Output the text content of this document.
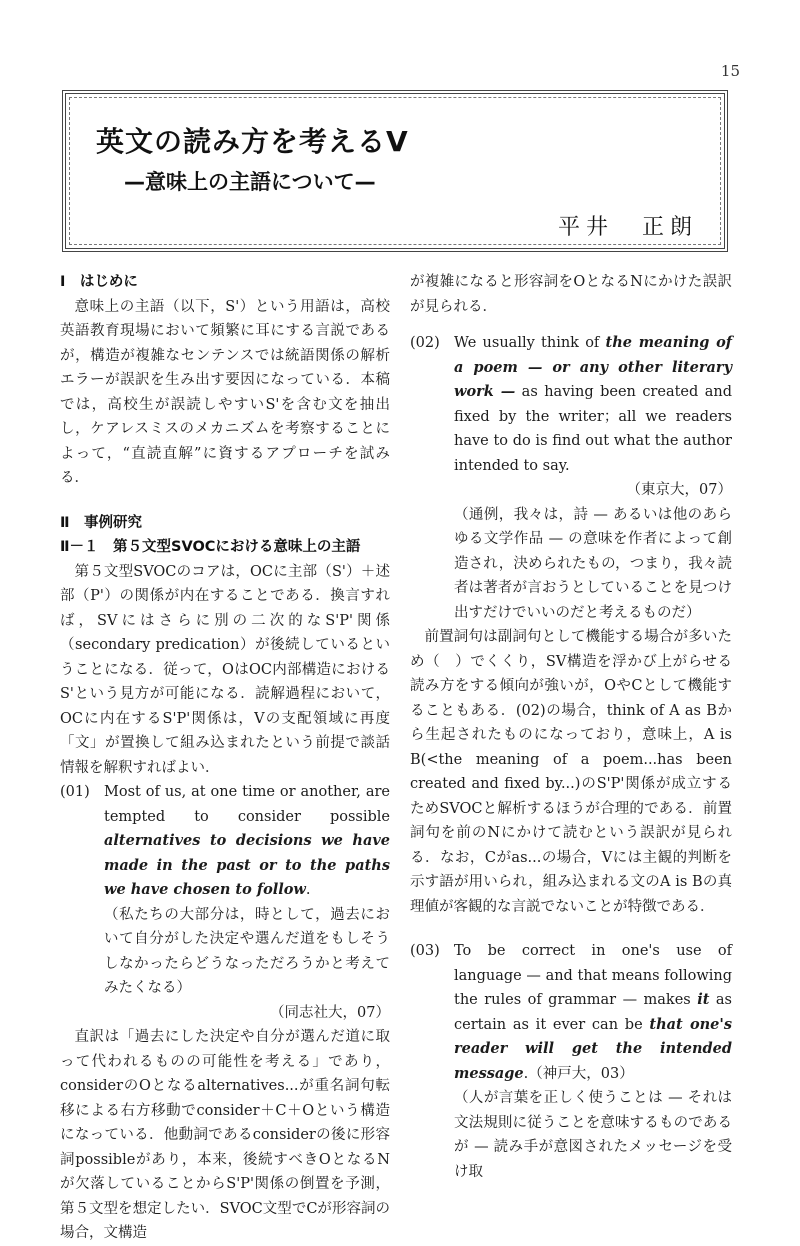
15
英文の読み方を考えるV
—意味上の主語について—
平井　正朗
Ⅰ　はじめに

意味上の主語（以下，S'）という用語は，高校英語教育現場において頻繁に耳にする言説であるが，構造が複雑なセンテンスでは統語関係の解析エラーが誤訳を生み出す要因になっている．本稿では，高校生が誤読しやすいS'を含む文を抽出し，ケアレスミスのメカニズムを考察することによって，“直読直解”に資するアプローチを試みる．

Ⅱ　事例研究
Ⅱ－１　第５文型SVOCにおける意味上の主語

第５文型SVOCのコアは，OCに主部（S'）＋述部（P'）の関係が内在することである．換言すれば，SVにはさらに別の二次的なS'P'関係（secondary predication）が後続しているということになる．従って，OはOC内部構造におけるS'という見方が可能になる．読解過程において，OCに内在するS'P'関係は，Vの支配領域に再度「文」が置換して組み込まれたという前提で談話情報を解釈すればよい．

(01) Most of us, at one time or another, are tempted to consider possible alternatives to decisions we have made in the past or to the paths we have chosen to follow.

（私たちの大部分は，時として，過去において自分がした決定や選んだ道をもしそうしなかったらどうなっただろうかと考えてみたくなる）

（同志社大，07）

直訳は「過去にした決定や自分が選んだ道に取って代われるものの可能性を考える」であり，considerのOとなるalternatives...が重名詞句転移による右方移動でconsider＋C＋Oという構造になっている．他動詞であるconsiderの後に形容詞possibleがあり，本来，後続すべきOとなるNが欠落していることからS'P'関係の倒置を予測，第５文型を想定したい．SVOC文型でCが形容詞の場合，文構造

が複雑になると形容詞をOとなるNにかけた誤訳が見られる．

(02) We usually think of the meaning of a poem — or any other literary work — as having been created and fixed by the writer；all we readers have to do is find out what the author intended to say.

（東京大，07）

（通例，我々は，詩 — あるいは他のあらゆる文学作品 — の意味を作者によって創造され，決められたもの，つまり，我々読者は著者が言おうとしていることを見つけ出すだけでいいのだと考えるものだ）

前置詞句は副詞句として機能する場合が多いため（　）でくくり，SV構造を浮かび上がらせる読み方をする傾向が強いが，OやCとして機能することもある．(02)の場合，think of A as Bから生起されたものになっており，意味上，A is B(<the meaning of a poem...has been created and fixed by...)のS'P'関係が成立するためSVOCと解析するほうが合理的である．前置詞句を前のNにかけて読むという誤訳が見られる．なお，Cがas...の場合，Vには主観的判断を示す語が用いられ，組み込まれる文のA is Bの真理値が客観的な言説でないことが特徴である．

(03) To be correct in one's use of language — and that means following the rules of grammar — makes it as certain as it ever can be that one's reader will get the intended message.（神戸大，03）

（人が言葉を正しく使うことは — それは文法規則に従うことを意味するものであるが — 読み手が意図されたメッセージを受け取
